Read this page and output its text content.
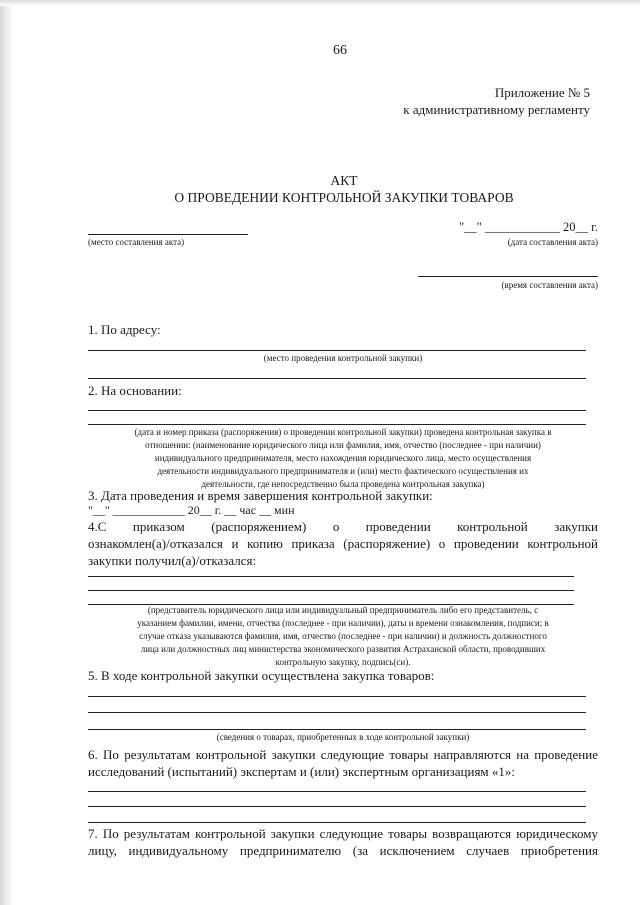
66
Приложение № 5
к административному регламенту
АКТ
О ПРОВЕДЕНИИ КОНТРОЛЬНОЙ ЗАКУПКИ ТОВАРОВ
(место составления акта)
"__" ____________ 20__ г.
(дата составления акта)
(время составления акта)
1. По адресу:
(место проведения контрольной закупки)
2. На основании:
(дата и номер приказа (распоряжения) о проведении контрольной закупки) проведена контрольная закупка в
отношении: (наименование юридического лица или фамилия, имя, отчество (последнее - при наличии)
индивидуального предпринимателя, место нахождения юридического лица, место осуществления
деятельности индивидуального предпринимателя и (или) место фактического осуществления их
деятельности, где непосредственно была проведена контрольная закупка)
3. Дата проведения и время завершения контрольной закупки:
"__" ____________ 20__ г. __ час __ мин
4.С приказом (распоряжением) о проведении контрольной закупки
ознакомлен(а)/отказался и копию приказа (распоряжение) о проведении контрольной
закупки получил(а)/отказался:
(представитель юридического лица или индивидуальный предприниматель либо его представитель, с
указанием фамилии, имени, отчества (последнее - при наличии), даты и времени ознакомления, подписи; в
случае отказа указываются фамилия, имя, отчество (последнее - при наличии) и должность должностного
лица или должностных лиц министерства экономического развития Астраханской области, проводивших
контрольную закупку, подпись(си).
5. В ходе контрольной закупки осуществлена закупка товаров:
(сведения о товарах, приобретенных в ходе контрольной закупки)
6. По результатам контрольной закупки следующие товары направляются на проведение
исследований (испытаний) экспертам и (или) экспертным организациям «1»:
7. По результатам контрольной закупки следующие товары возвращаются юридическому
лицу, индивидуальному предпринимателю (за исключением случаев приобретения
